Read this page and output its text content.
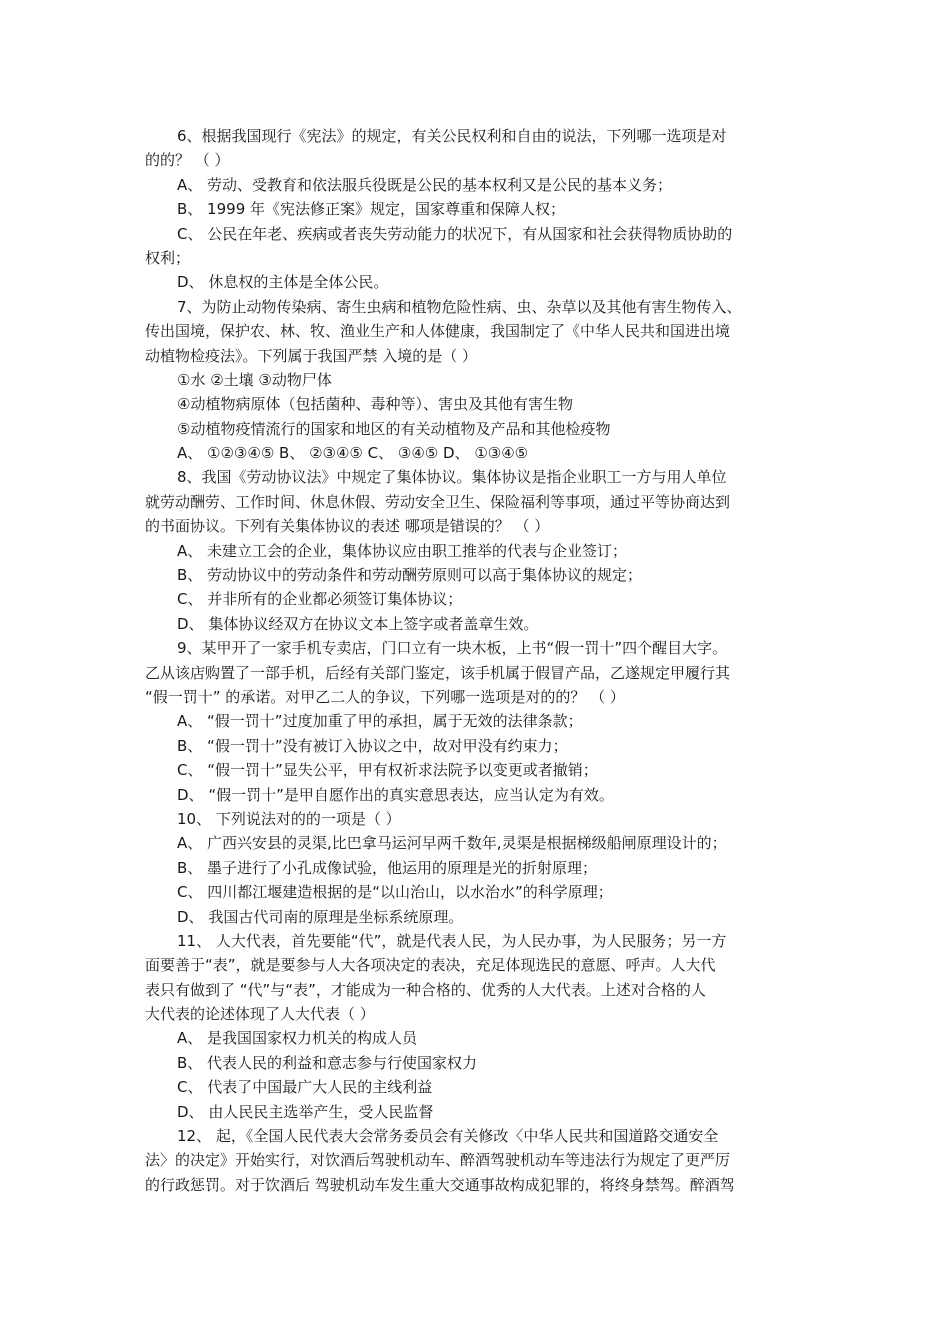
6、根据我国现行《宪法》的规定，有关公民权利和自由的说法，下列哪一选项是对
的的？ （ ）
A、 劳动、受教育和依法服兵役既是公民的基本权利又是公民的基本义务；
B、 1999 年《宪法修正案》规定，国家尊重和保障人权；
C、 公民在年老、疾病或者丧失劳动能力的状况下，有从国家和社会获得物质协助的
权利；
D、 休息权的主体是全体公民。
7、为防止动物传染病、寄生虫病和植物危险性病、虫、杂草以及其他有害生物传入、
传出国境，保护农、林、牧、渔业生产和人体健康，我国制定了《中华人民共和国进出境
动植物检疫法》。下列属于我国严禁 入境的是（ ）
①水 ②土壤 ③动物尸体
④动植物病原体（包括菌种、毒种等）、害虫及其他有害生物
⑤动植物疫情流行的国家和地区的有关动植物及产品和其他检疫物
A、 ①②③④⑤ B、 ②③④⑤ C、 ③④⑤ D、 ①③④⑤
8、我国《劳动协议法》中规定了集体协议。集体协议是指企业职工一方与用人单位
就劳动酬劳、工作时间、休息休假、劳动安全卫生、保险福利等事项，通过平等协商达到
的书面协议。下列有关集体协议的表述 哪项是错误的？ （ ）
A、 未建立工会的企业，集体协议应由职工推举的代表与企业签订；
B、 劳动协议中的劳动条件和劳动酬劳原则可以高于集体协议的规定；
C、 并非所有的企业都必须签订集体协议；
D、 集体协议经双方在协议文本上签字或者盖章生效。
9、某甲开了一家手机专卖店，门口立有一块木板，上书“假一罚十”四个醒目大字。
乙从该店购置了一部手机，后经有关部门鉴定，该手机属于假冒产品，乙遂规定甲履行其
“假一罚十” 的承诺。对甲乙二人的争议，下列哪一选项是对的的？ （ ）
A、 “假一罚十”过度加重了甲的承担，属于无效的法律条款；
B、 “假一罚十”没有被订入协议之中，故对甲没有约束力；
C、 “假一罚十”显失公平，甲有权祈求法院予以变更或者撤销；
D、 “假一罚十”是甲自愿作出的真实意思表达，应当认定为有效。
10、 下列说法对的的一项是（ ）
A、 广西兴安县的灵渠,比巴拿马运河早两千数年,灵渠是根据梯级船闸原理设计的；
B、 墨子进行了小孔成像试验，他运用的原理是光的折射原理；
C、 四川都江堰建造根据的是“以山治山，以水治水”的科学原理；
D、 我国古代司南的原理是坐标系统原理。
11、 人大代表，首先要能“代”，就是代表人民，为人民办事，为人民服务；另一方
面要善于“表”，就是要参与人大各项决定的表决，充足体现选民的意愿、呼声。人大代
表只有做到了 “代”与“表”，才能成为一种合格的、优秀的人大代表。上述对合格的人
大代表的论述体现了人大代表（ ）
A、 是我国国家权力机关的构成人员
B、 代表人民的利益和意志参与行使国家权力
C、 代表了中国最广大人民的主线利益
D、 由人民民主选举产生，受人民监督
12、 起，《全国人民代表大会常务委员会有关修改〈中华人民共和国道路交通安全
法〉的决定》开始实行，对饮酒后驾驶机动车、醉酒驾驶机动车等违法行为规定了更严厉
的行政惩罚。对于饮酒后 驾驶机动车发生重大交通事故构成犯罪的，将终身禁驾。醉酒驾
